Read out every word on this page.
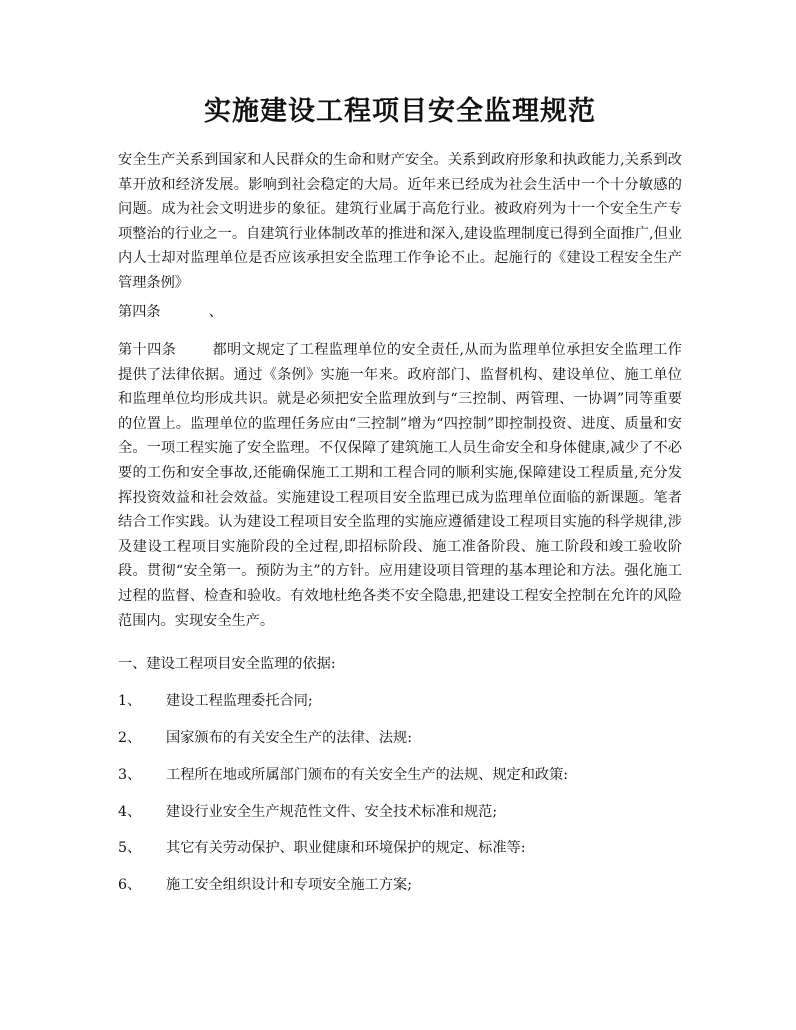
实施建设工程项目安全监理规范

安全生产关系到国家和人民群众的生命和财产安全。关系到政府形象和执政能力,关系到改革开放和经济发展。影响到社会稳定的大局。近年来已经成为社会生活中一个十分敏感的问题。成为社会文明进步的象征。建筑行业属于高危行业。被政府列为十一个安全生产专项整治的行业之一。自建筑行业体制改革的推进和深入,建设监理制度已得到全面推广,但业内人士却对监理单位是否应该承担安全监理工作争论不止。起施行的《建设工程安全生产管理条例》

第四条	、

第十四条	都明文规定了工程监理单位的安全责任,从而为监理单位承担安全监理工作提供了法律依据。通过《条例》实施一年来。政府部门、监督机构、建设单位、施工单位和监理单位均形成共识。就是必须把安全监理放到与“三控制、两管理、一协调”同等重要的位置上。监理单位的监理任务应由“三控制”增为“四控制”即控制投资、进度、质量和安全。一项工程实施了安全监理。不仅保障了建筑施工人员生命安全和身体健康,减少了不必要的工伤和安全事故,还能确保施工工期和工程合同的顺利实施,保障建设工程质量,充分发挥投资效益和社会效益。实施建设工程项目安全监理已成为监理单位面临的新课题。笔者结合工作实践。认为建设工程项目安全监理的实施应遵循建设工程项目实施的科学规律,涉及建设工程项目实施阶段的全过程,即招标阶段、施工准备阶段、施工阶段和竣工验收阶段。贯彻“安全第一。预防为主”的方针。应用建设项目管理的基本理论和方法。强化施工过程的监督、检查和验收。有效地杜绝各类不安全隐患,把建设工程安全控制在允许的风险范围内。实现安全生产。

一、建设工程项目安全监理的依据:

1、 建设工程监理委托合同;

2、 国家颁布的有关安全生产的法律、法规:

3、 工程所在地或所属部门颁布的有关安全生产的法规、规定和政策:

4、 建设行业安全生产规范性文件、安全技术标准和规范;

5、 其它有关劳动保护、职业健康和环境保护的规定、标准等:

6、 施工安全组织设计和专项安全施工方案;
